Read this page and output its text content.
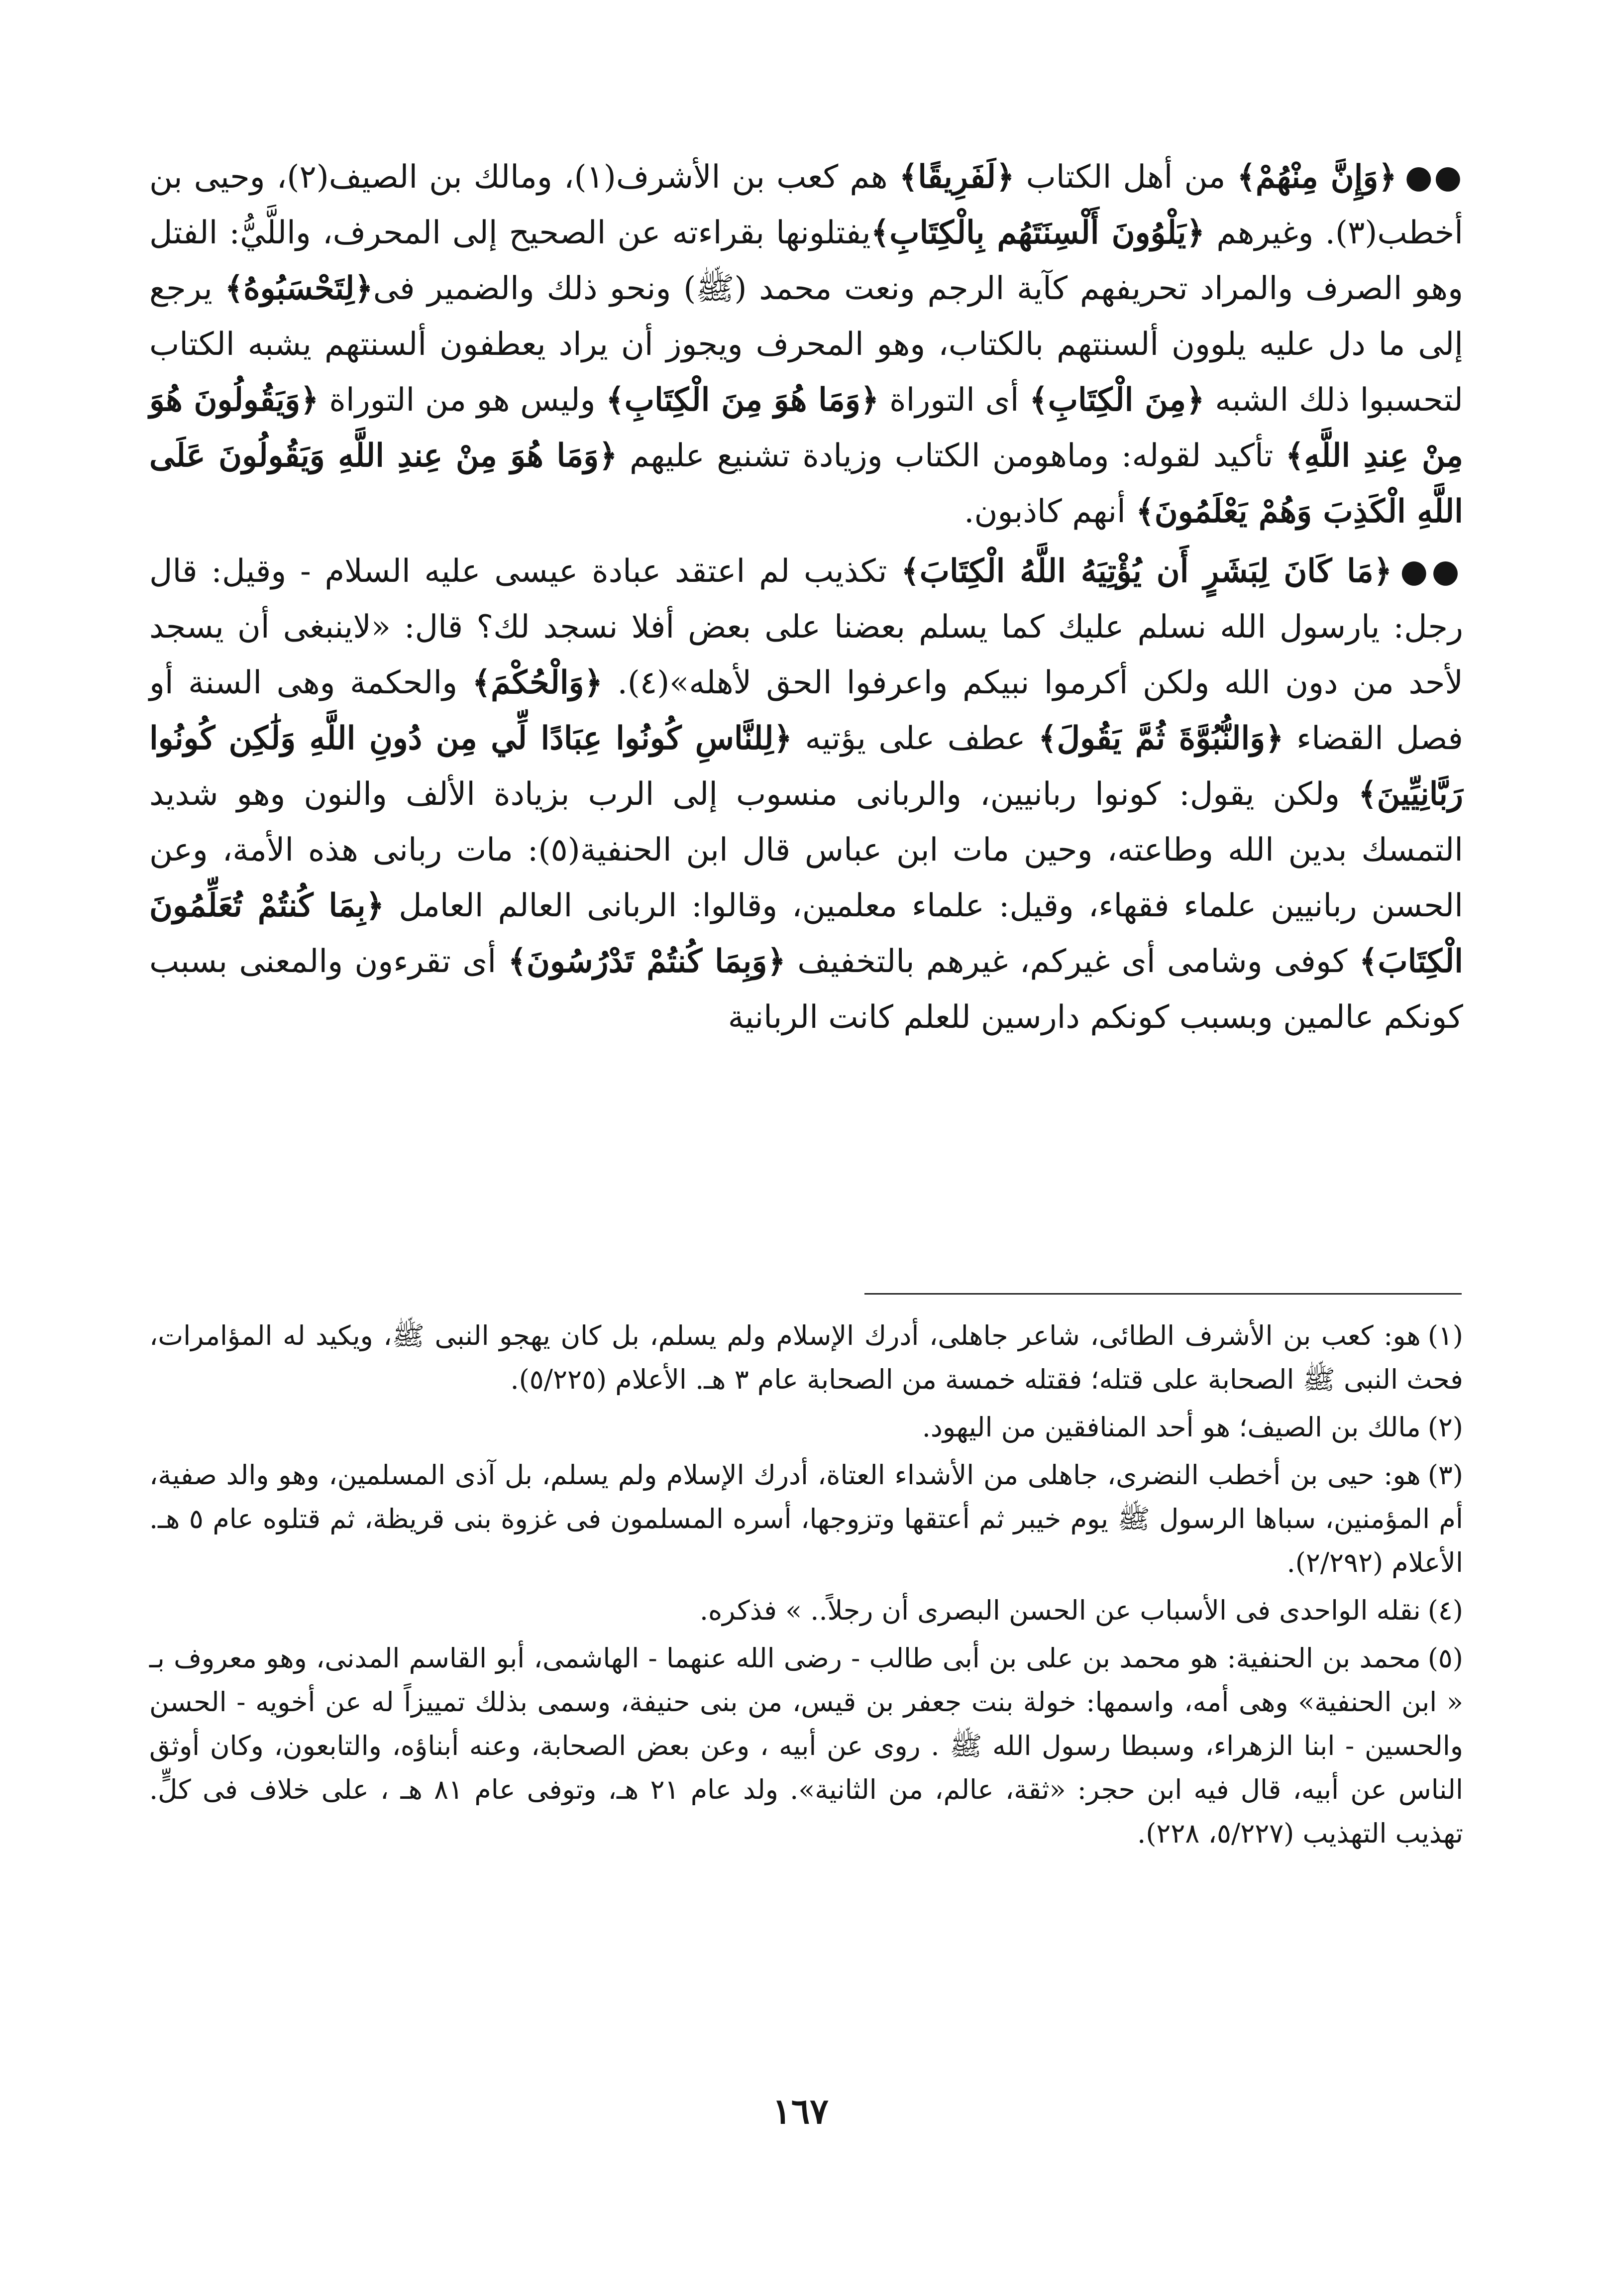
●●﴿وَإِنَّ مِنْهُمْ﴾ من أهل الكتاب ﴿لَفَرِيقًا﴾ هم كعب بن الأشرف(١)، ومالك بن الصيف(٢)، وحيى بن أخطب(٣). وغيرهم ﴿يَلْوُونَ أَلْسِنَتَهُم بِالْكِتَابِ﴾يفتلونها بقراءته عن الصحيح إلى المحرف، واللَّيُّ: الفتل وهو الصرف والمراد تحريفهم كآية الرجم ونعت محمد (ﷺ) ونحو ذلك والضمير فى﴿لِتَحْسَبُوهُ﴾ يرجع إلى ما دل عليه يلوون ألسنتهم بالكتاب، وهو المحرف ويجوز أن يراد يعطفون ألسنتهم يشبه الكتاب لتحسبوا ذلك الشبه ﴿مِنَ الْكِتَابِ﴾ أى التوراة ﴿وَمَا هُوَ مِنَ الْكِتَابِ﴾ وليس هو من التوراة ﴿وَيَقُولُونَ هُوَ مِنْ عِندِ اللَّهِ﴾ تأكيد لقوله: وماهومن الكتاب وزيادة تشنيع عليهم ﴿وَمَا هُوَ مِنْ عِندِ اللَّهِ وَيَقُولُونَ عَلَى اللَّهِ الْكَذِبَ وَهُمْ يَعْلَمُونَ﴾ أنهم كاذبون.

●●﴿مَا كَانَ لِبَشَرٍ أَن يُؤْتِيَهُ اللَّهُ الْكِتَابَ﴾ تكذيب لم اعتقد عبادة عيسى عليه السلام - وقيل: قال رجل: يارسول الله نسلم عليك كما يسلم بعضنا على بعض أفلا نسجد لك؟ قال: «لاينبغى أن يسجد لأحد من دون الله ولكن أكرموا نبيكم واعرفوا الحق لأهله»(٤). ﴿وَالْحُكْمَ﴾ والحكمة وهى السنة أو فصل القضاء ﴿وَالنُّبُوَّةَ ثُمَّ يَقُولَ﴾ عطف على يؤتيه ﴿لِلنَّاسِ كُونُوا عِبَادًا لِّي مِن دُونِ اللَّهِ وَلَٰكِن كُونُوا رَبَّانِيِّينَ﴾ ولكن يقول: كونوا ربانيين، والربانى منسوب إلى الرب بزيادة الألف والنون وهو شديد التمسك بدين الله وطاعته، وحين مات ابن عباس قال ابن الحنفية(٥): مات ربانى هذه الأمة، وعن الحسن ربانيين علماء فقهاء، وقيل: علماء معلمين، وقالوا: الربانى العالم العامل ﴿بِمَا كُنتُمْ تُعَلِّمُونَ الْكِتَابَ﴾ كوفى وشامى أى غيركم، غيرهم بالتخفيف ﴿وَبِمَا كُنتُمْ تَدْرُسُونَ﴾ أى تقرءون والمعنى بسبب كونكم عالمين وبسبب كونكم دارسين للعلم كانت الربانية

(١)هو: كعب بن الأشرف الطائى، شاعر جاهلى، أدرك الإسلام ولم يسلم، بل كان يهجو النبى ﷺ، ويكيد له المؤامرات، فحث النبى ﷺ الصحابة على قتله؛ فقتله خمسة من الصحابة عام ٣ هـ. الأعلام (٥/٢٢٥).

(٢)مالك بن الصيف؛ هو أحد المنافقين من اليهود.

(٣)هو: حيى بن أخطب النضرى، جاهلى من الأشداء العتاة، أدرك الإسلام ولم يسلم، بل آذى المسلمين، وهو والد صفية، أم المؤمنين، سباها الرسول ﷺ يوم خيبر ثم أعتقها وتزوجها، أسره المسلمون فى غزوة بنى قريظة، ثم قتلوه عام ٥ هـ. الأعلام (٢/٢٩٢).

(٤)نقله الواحدى فى الأسباب عن الحسن البصرى أن رجلاً.. » فذكره.

(٥)محمد بن الحنفية: هو محمد بن على بن أبى طالب - رضى الله عنهما - الهاشمى، أبو القاسم المدنى، وهو معروف بـ « ابن الحنفية» وهى أمه، واسمها: خولة بنت جعفر بن قيس، من بنى حنيفة، وسمى بذلك تمييزاً له عن أخويه - الحسن والحسين - ابنا الزهراء، وسبطا رسول الله ﷺ . روى عن أبيه ، وعن بعض الصحابة، وعنه أبناؤه، والتابعون، وكان أوثق الناس عن أبيه، قال فيه ابن حجر: «ثقة، عالم، من الثانية». ولد عام ٢١ هـ، وتوفى عام ٨١ هـ ، على خلاف فى كلٍّ. تهذيب التهذيب (٥/٢٢٧، ٢٢٨).

١٦٧
